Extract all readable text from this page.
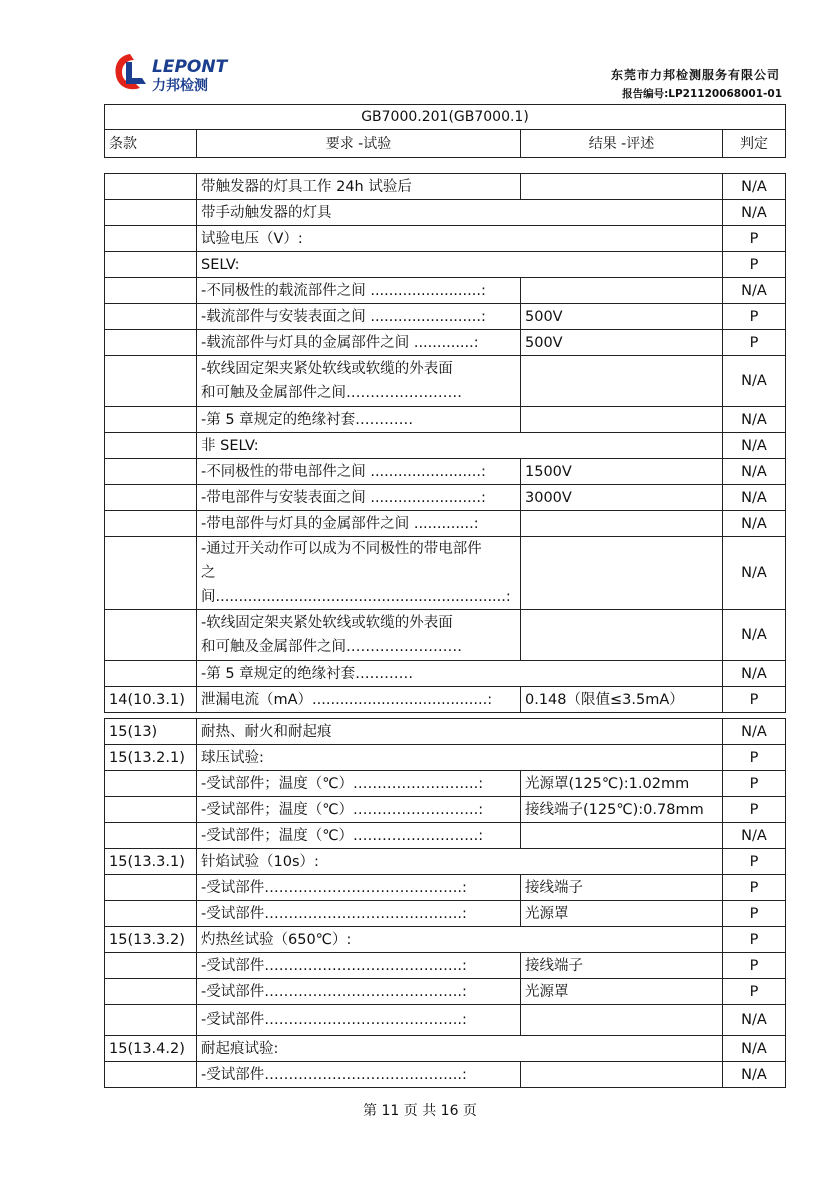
LEPONT
力邦检测
东莞市力邦检测服务有限公司
报告编号:LP21120068001-01
GB7000.201(GB7000.1)
条款	要求 -试验	结果 -评述	判定
	带触发器的灯具工作 24h 试验后		N/A
	带手动触发器的灯具		N/A
	试验电压（V）:		P
	SELV:		P
	-不同极性的载流部件之间 ........................:		N/A
	-载流部件与安装表面之间 ........................:	500V	P
	-载流部件与灯具的金属部件之间 .............:	500V	P

	-软线固定架夹紧处软线或软缆的外表面
和可触及金属部件之间……………………		N/A
	-第 5 章规定的绝缘衬套…………		N/A
	非 SELV:		N/A
	-不同极性的带电部件之间 ........................:	1500V	N/A
	-带电部件与安装表面之间 ........................:	3000V	N/A
	-带电部件与灯具的金属部件之间 .............:		N/A

	-通过开关动作可以成为不同极性的带电部件
之间...............................................................:		N/A

	-软线固定架夹紧处软线或软缆的外表面
和可触及金属部件之间……………………		N/A
	-第 5 章规定的绝缘衬套…………		N/A
14(10.3.1)	泄漏电流（mA）......................................:	0.148（限值≤3.5mA）	P
15(13)	耐热、耐火和耐起痕		N/A
15(13.2.1)	球压试验:		P
	-受试部件；温度（℃）……………………..:	光源罩(125℃):1.02mm	P
	-受试部件；温度（℃）……………………..:	接线端子(125℃):0.78mm	P
	-受试部件；温度（℃）……………………..:		N/A
15(13.3.1)	针焰试验（10s）:		P
	-受试部件…………………………………..:	接线端子	P
	-受试部件…………………………………..:	光源罩	P
15(13.3.2)	灼热丝试验（650℃）:		P
	-受试部件…………………………………..:	接线端子	P
	-受试部件…………………………………..:	光源罩	P
	-受试部件…………………………………..:		N/A
15(13.4.2)	耐起痕试验:		N/A
	-受试部件…………………………………..:		N/A
第 11 页 共 16 页
